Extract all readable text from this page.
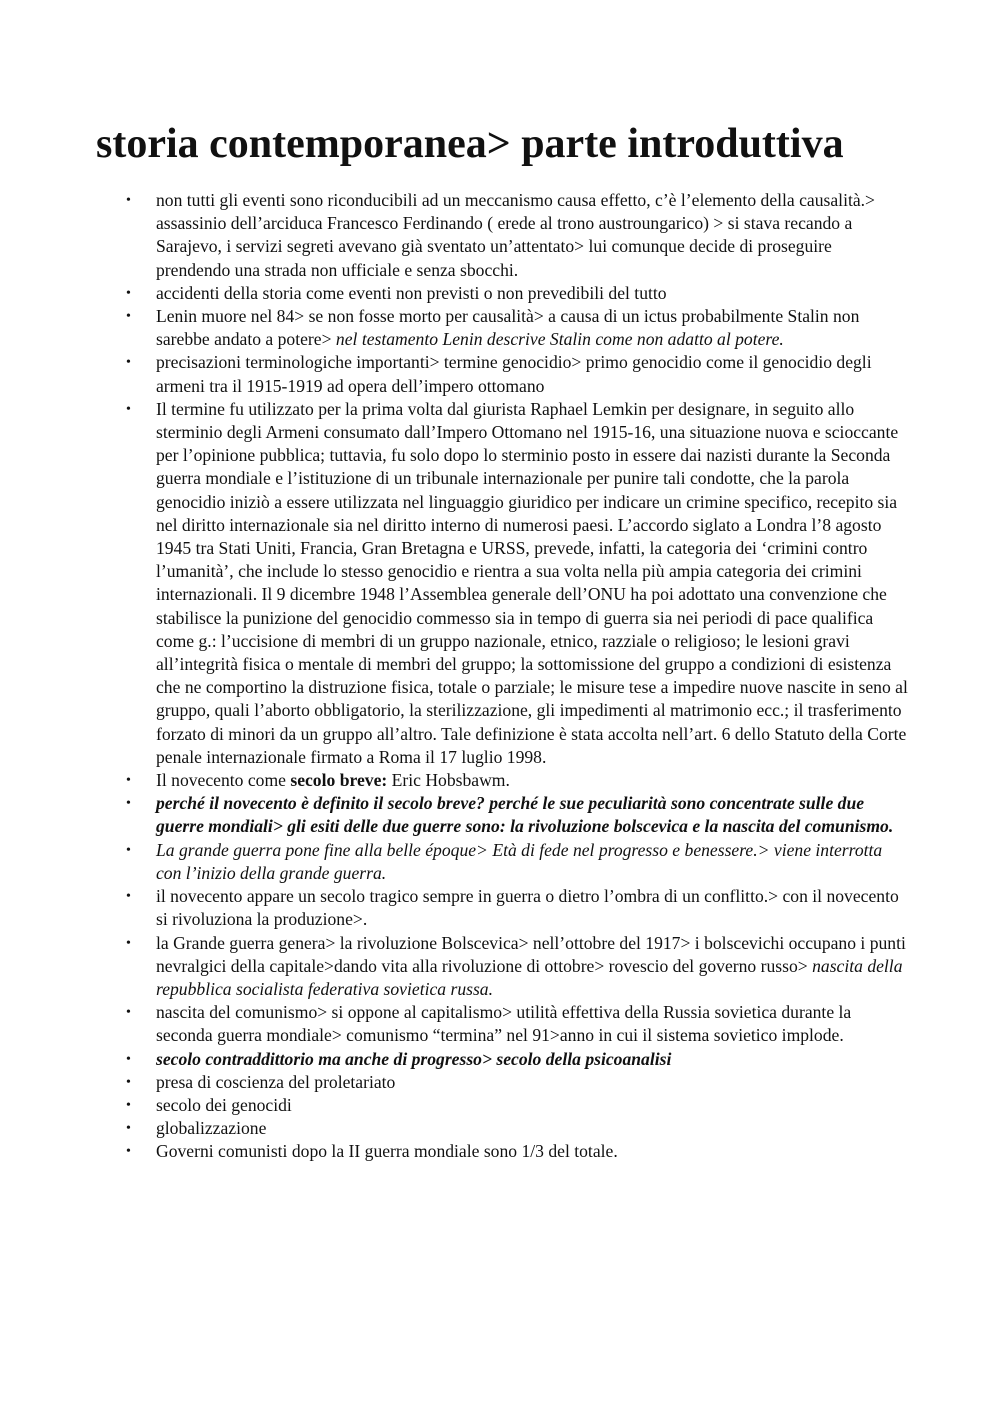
storia contemporanea> parte introduttiva
• non tutti gli eventi sono riconducibili ad un meccanismo causa effetto, c’è l’elemento della causalità.> assassinio dell’arciduca Francesco Ferdinando ( erede al trono austroungarico) > si stava recando a Sarajevo, i servizi segreti avevano già sventato un’attentato> lui comunque decide di proseguire prendendo una strada non ufficiale e senza sbocchi.
• accidenti della storia come eventi non previsti o non prevedibili del tutto
• Lenin muore nel 84> se non fosse morto per causalità> a causa di un ictus probabilmente Stalin non sarebbe andato a potere> nel testamento Lenin descrive Stalin come non adatto al potere.
• precisazioni terminologiche importanti> termine genocidio> primo genocidio come il genocidio degli armeni tra il 1915-1919 ad opera dell’impero ottomano
• Il termine fu utilizzato per la prima volta dal giurista Raphael Lemkin per designare, in seguito allo sterminio degli Armeni consumato dall’Impero Ottomano nel 1915-16, una situazione nuova e scioccante per l’opinione pubblica; tuttavia, fu solo dopo lo sterminio posto in essere dai nazisti durante la Seconda guerra mondiale e l’istituzione di un tribunale internazionale per punire tali condotte, che la parola genocidio iniziò a essere utilizzata nel linguaggio giuridico per indicare un crimine specifico, recepito sia nel diritto internazionale sia nel diritto interno di numerosi paesi. L’accordo siglato a Londra l’8 agosto 1945 tra Stati Uniti, Francia, Gran Bretagna e URSS, prevede, infatti, la categoria dei ‘crimini contro l’umanità’, che include lo stesso genocidio e rientra a sua volta nella più ampia categoria dei crimini internazionali. Il 9 dicembre 1948 l’Assemblea generale dell’ONU ha poi adottato una convenzione che stabilisce la punizione del genocidio commesso sia in tempo di guerra sia nei periodi di pace qualifica come g.: l’uccisione di membri di un gruppo nazionale, etnico, razziale o religioso; le lesioni gravi all’integrità fisica o mentale di membri del gruppo; la sottomissione del gruppo a condizioni di esistenza che ne comportino la distruzione fisica, totale o parziale; le misure tese a impedire nuove nascite in seno al gruppo, quali l’aborto obbligatorio, la sterilizzazione, gli impedimenti al matrimonio ecc.; il trasferimento forzato di minori da un gruppo all’altro. Tale definizione è stata accolta nell’art. 6 dello Statuto della Corte penale internazionale firmato a Roma il 17 luglio 1998.
• Il novecento come secolo breve: Eric Hobsbawm.
• perché il novecento è definito il secolo breve? perché le sue peculiarità sono concentrate sulle due guerre mondiali> gli esiti delle due guerre sono: la rivoluzione bolscevica e la nascita del comunismo.
• La grande guerra pone fine alla belle époque> Età di fede nel progresso e benessere.> viene interrotta con l’inizio della grande guerra.
• il novecento appare un secolo tragico sempre in guerra o dietro l’ombra di un conflitto.> con il novecento si rivoluziona la produzione>.
• la Grande guerra genera> la rivoluzione Bolscevica> nell’ottobre del 1917> i bolscevichi occupano i punti nevralgici della capitale>dando vita alla rivoluzione di ottobre> rovescio del governo russo> nascita della repubblica socialista federativa sovietica russa.
• nascita del comunismo> si oppone al capitalismo> utilità effettiva della Russia sovietica durante la seconda guerra mondiale> comunismo “termina” nel 91>anno in cui il sistema sovietico implode.
• secolo contraddittorio ma anche di progresso> secolo della psicoanalisi
• presa di coscienza del proletariato
• secolo dei genocidi
• globalizzazione
• Governi comunisti dopo la II guerra mondiale sono 1/3 del totale.
